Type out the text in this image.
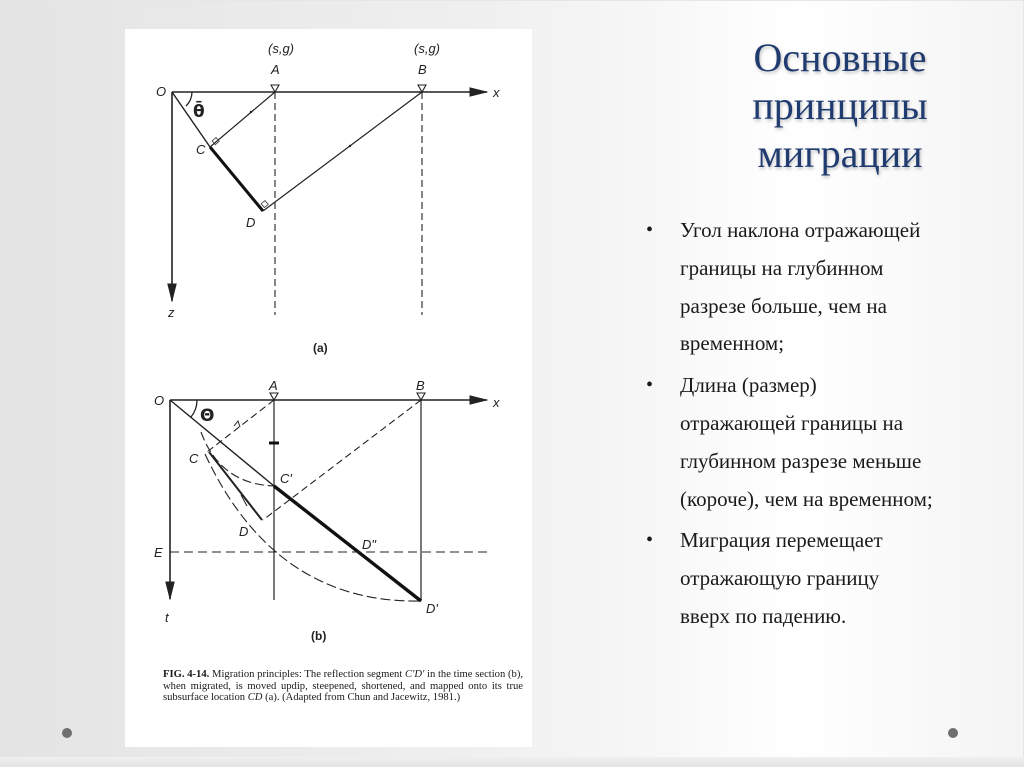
(s,g)	(s,g)
A	B
O	x
θ̄
C
D
z
(a)
A	B
O	x
Θ
C
C'
D
D"
E
D'
t
(b)
FIG. 4-14. Migration principles: The reflection segment C'D' in the time section (b), when migrated, is moved updip, steepened, shortened, and mapped onto its true subsurface location CD (a). (Adapted from Chun and Jacewitz, 1981.)
Основные
принципы
миграции
• Угол наклона отражающей
границы на глубинном
разрезе больше, чем на
временном;
• Длина (размер)
отражающей границы на
глубинном разрезе меньше
(короче), чем на временном;
• Миграция перемещает
отражающую границу
вверх по падению.
